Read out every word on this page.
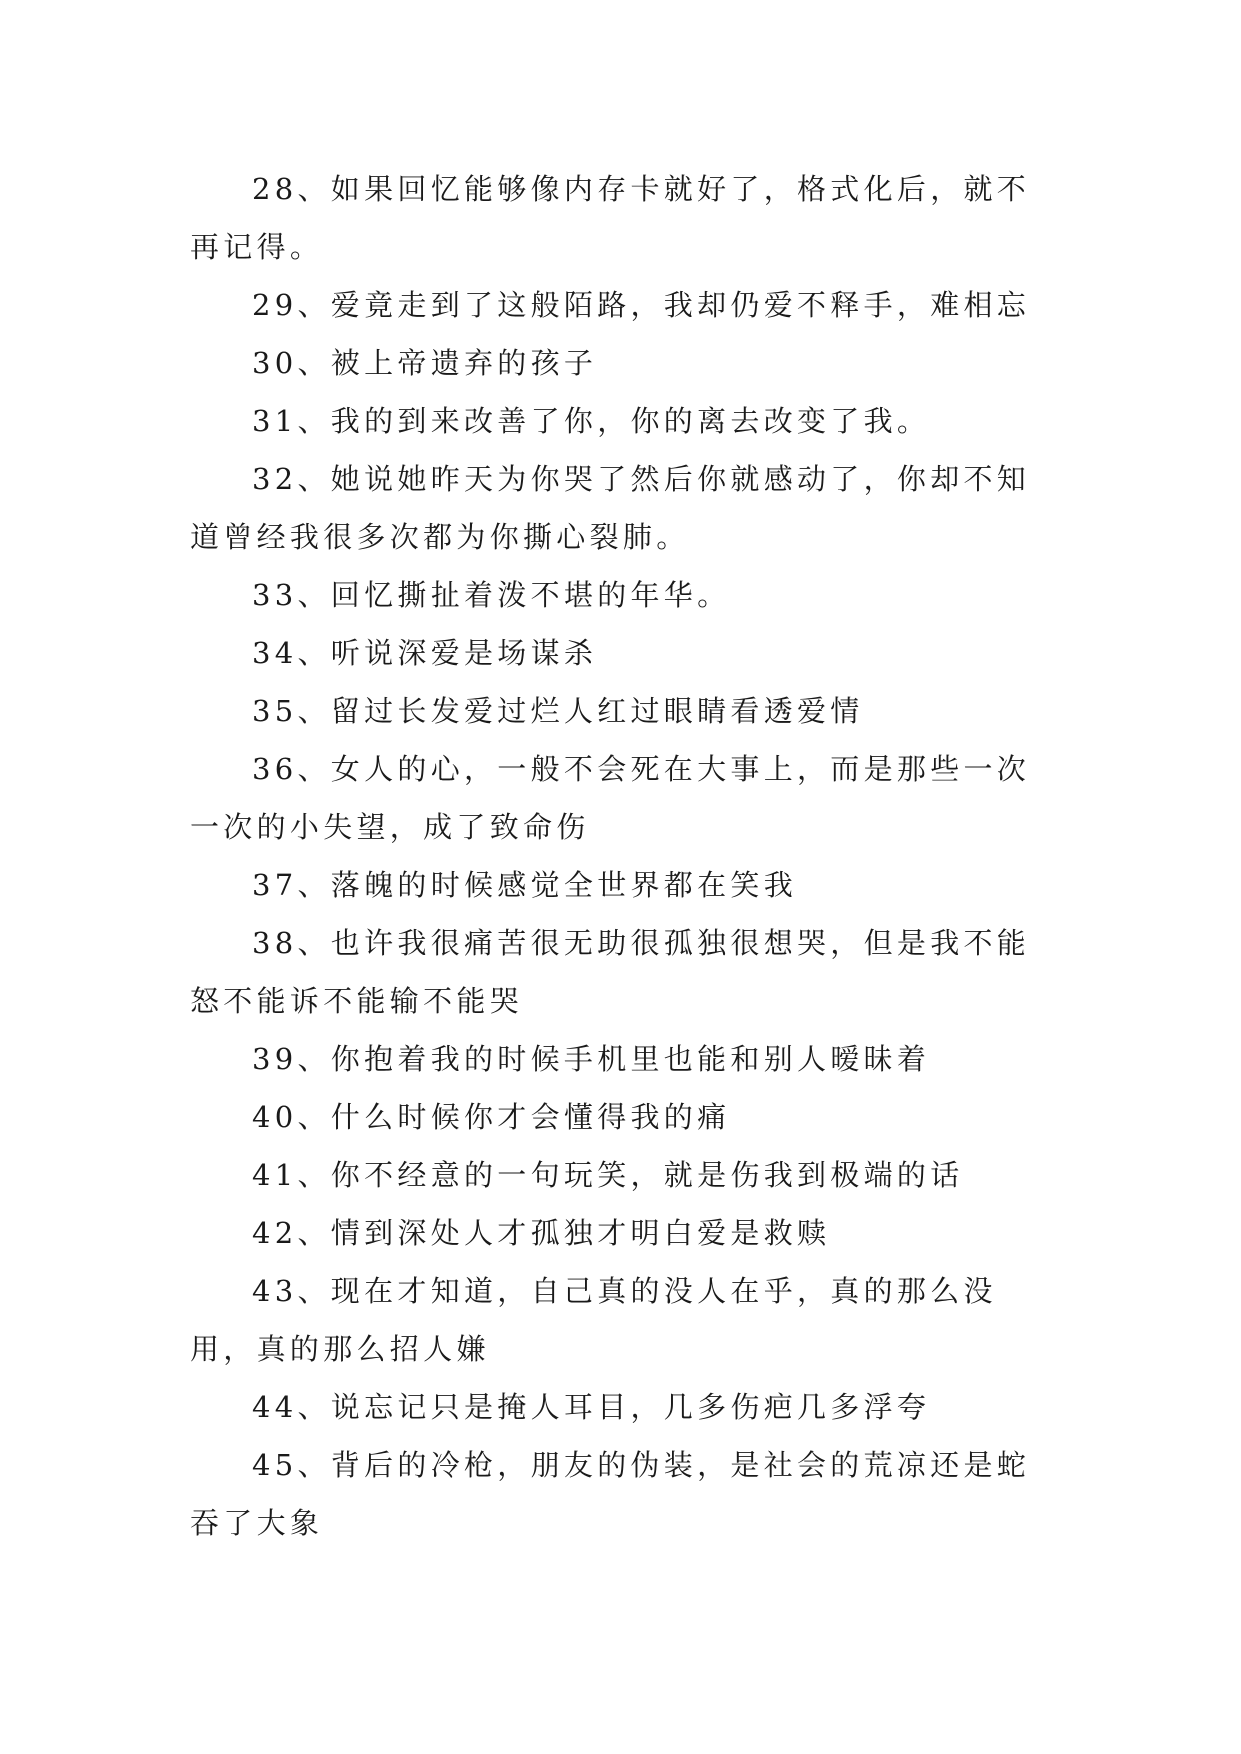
28、如果回忆能够像内存卡就好了，格式化后，就不再记得。

29、爱竟走到了这般陌路，我却仍爱不释手，难相忘

30、被上帝遗弃的孩子

31、我的到来改善了你，你的离去改变了我。

32、她说她昨天为你哭了然后你就感动了，你却不知道曾经我很多次都为你撕心裂肺。

33、回忆撕扯着泼不堪的年华。

34、听说深爱是场谋杀

35、留过长发爱过烂人红过眼睛看透爱情

36、女人的心，一般不会死在大事上，而是那些一次一次的小失望，成了致命伤

37、落魄的时候感觉全世界都在笑我

38、也许我很痛苦很无助很孤独很想哭，但是我不能怒不能诉不能输不能哭

39、你抱着我的时候手机里也能和别人暧昧着

40、什么时候你才会懂得我的痛

41、你不经意的一句玩笑，就是伤我到极端的话

42、情到深处人才孤独才明白爱是救赎

43、现在才知道，自己真的没人在乎，真的那么没用，真的那么招人嫌

44、说忘记只是掩人耳目，几多伤疤几多浮夸

45、背后的冷枪，朋友的伪装，是社会的荒凉还是蛇吞了大象
